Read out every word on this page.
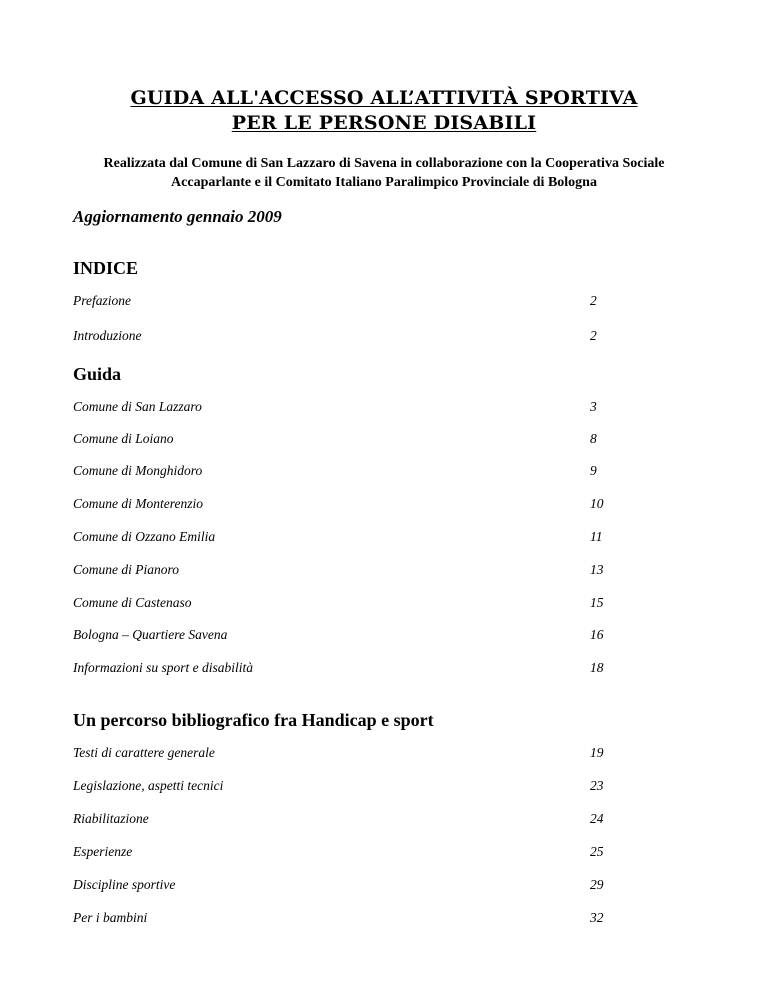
GUIDA ALL'ACCESSO ALL’ATTIVITÀ SPORTIVA
PER LE PERSONE DISABILI
Realizzata dal Comune di San Lazzaro di Savena in collaborazione con la Cooperativa Sociale
Accaparlante e il Comitato Italiano Paralimpico Provinciale di Bologna
Aggiornamento gennaio 2009
INDICE
Prefazione	2
Introduzione	2
Guida
Comune di San Lazzaro	3
Comune di Loiano	8
Comune di Monghidoro	9
Comune di Monterenzio	10
Comune di Ozzano Emilia	11
Comune di Pianoro	13
Comune di Castenaso	15
Bologna – Quartiere Savena	16
Informazioni su sport e disabilità	18
Un percorso bibliografico fra Handicap e sport
Testi di carattere generale	19
Legislazione, aspetti tecnici	23
Riabilitazione	24
Esperienze	25
Discipline sportive	29
Per i bambini	32
